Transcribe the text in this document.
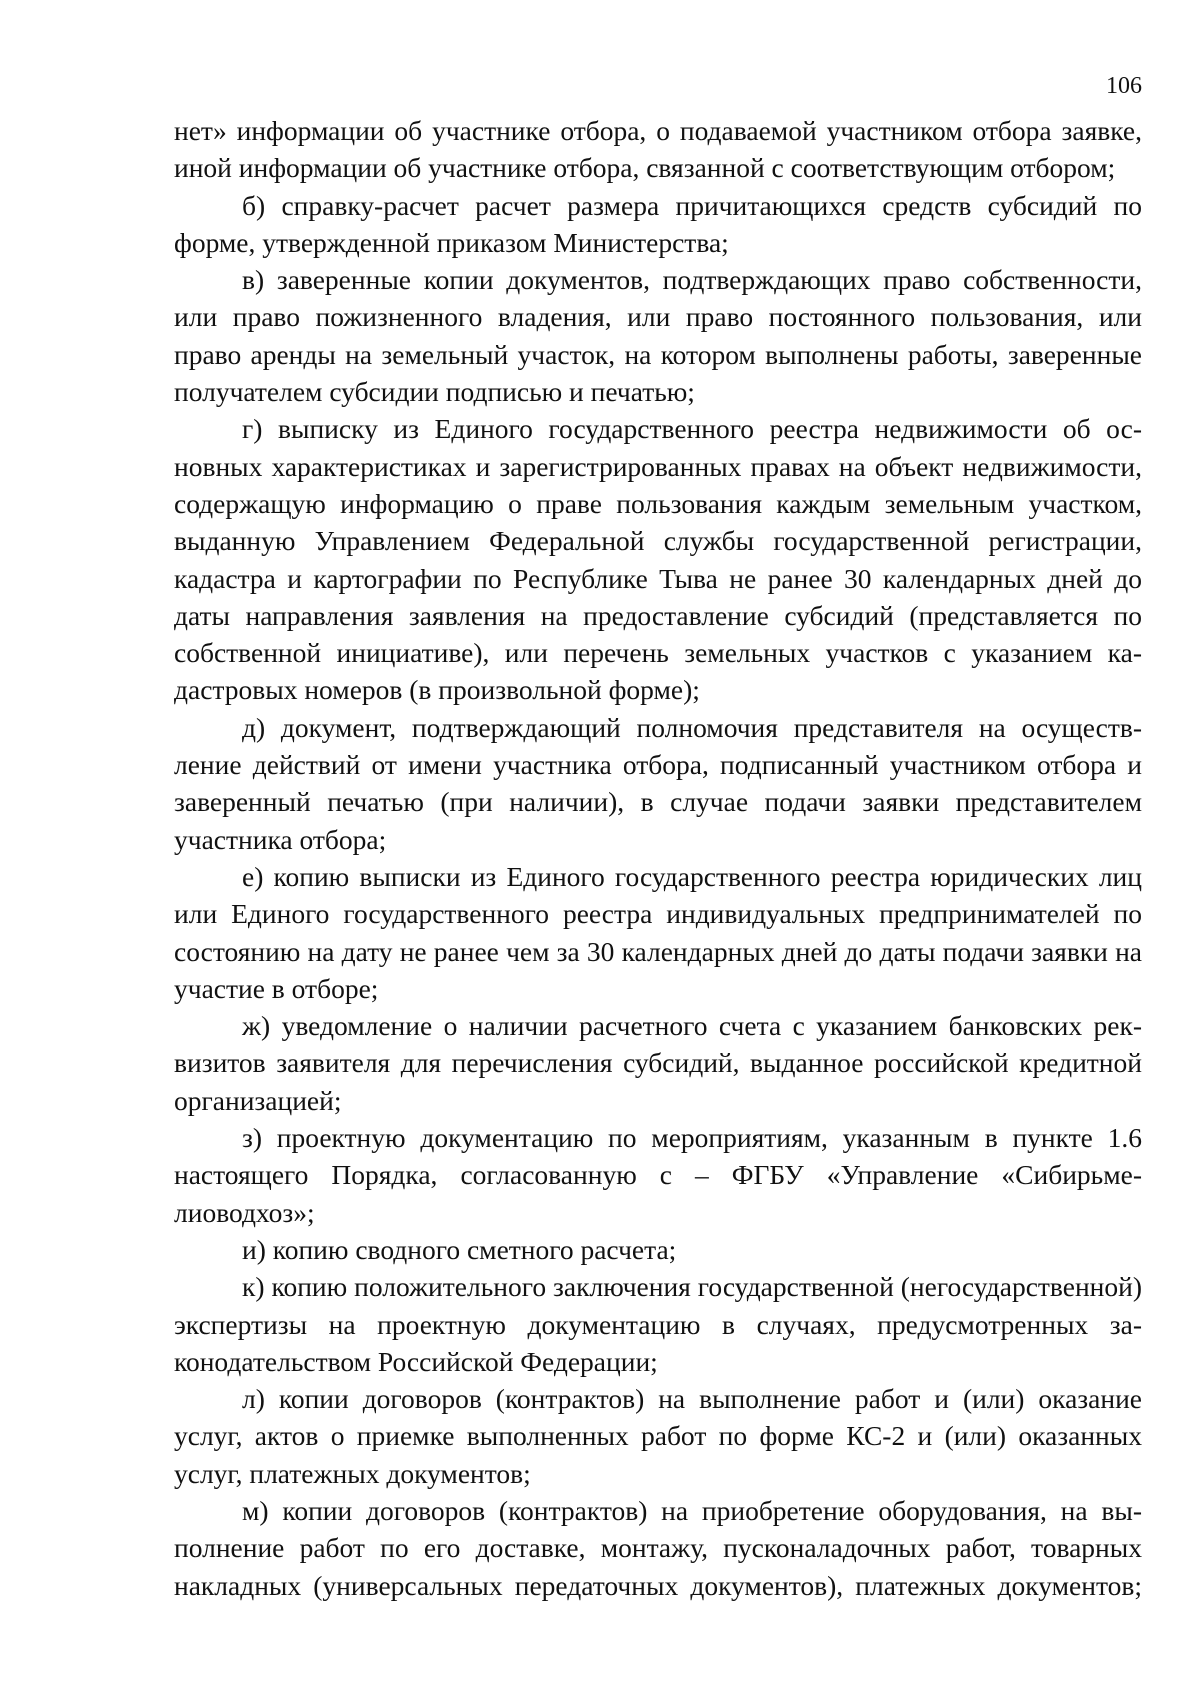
106

нет» информации об участнике отбора, о подаваемой участником отбора заявке, иной информации об участнике отбора, связанной с соответствующим отбором;

б) справку-расчет расчет размера причитающихся средств субсидий по форме, утвержденной приказом Министерства;

в) заверенные копии документов, подтверждающих право собственности, или право пожизненного владения, или право постоянного пользования, или право аренды на земельный участок, на котором выполнены работы, заверенные получателем субсидии подписью и печатью;

г) выписку из Единого государственного реестра недвижимости об основных характеристиках и зарегистрированных правах на объект недвижимости, содержащую информацию о праве пользования каждым земельным участком, выданную Управлением Федеральной службы государственной регистрации, кадастра и картографии по Республике Тыва не ранее 30 календарных дней до даты направления заявления на предоставление субсидий (представляется по собственной инициативе), или перечень земельных участков с указанием кадастровых номеров (в произвольной форме);

д) документ, подтверждающий полномочия представителя на осуществление действий от имени участника отбора, подписанный участником отбора и заверенный печатью (при наличии), в случае подачи заявки представителем участника отбора;

е) копию выписки из Единого государственного реестра юридических лиц или Единого государственного реестра индивидуальных предпринимателей по состоянию на дату не ранее чем за 30 календарных дней до даты подачи заявки на участие в отборе;

ж) уведомление о наличии расчетного счета с указанием банковских реквизитов заявителя для перечисления субсидий, выданное российской кредитной организацией;

з) проектную документацию по мероприятиям, указанным в пункте 1.6 настоящего Порядка, согласованную с – ФГБУ «Управление «Сибирьмелиоводхоз»;

и) копию сводного сметного расчета;

к) копию положительного заключения государственной (негосударственной) экспертизы на проектную документацию в случаях, предусмотренных законодательством Российской Федерации;

л) копии договоров (контрактов) на выполнение работ и (или) оказание услуг, актов о приемке выполненных работ по форме КС-2 и (или) оказанных услуг, платежных документов;

м) копии договоров (контрактов) на приобретение оборудования, на выполнение работ по его доставке, монтажу, пусконаладочных работ, товарных накладных (универсальных передаточных документов), платежных документов;
